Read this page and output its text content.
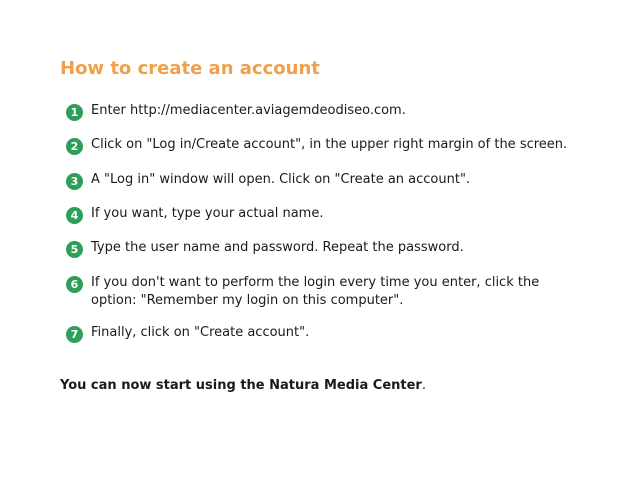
How to create an account
1 Enter http://mediacenter.aviagemdeodiseo.com.
2 Click on "Log in/Create account", in the upper right margin of the screen.
3 A "Log in" window will open. Click on "Create an account".
4 If you want, type your actual name.
5 Type the user name and password. Repeat the password.
6 If you don't want to perform the login every time you enter, click the option: "Remember my login on this computer".
7 Finally, click on "Create account".
You can now start using the Natura Media Center.
